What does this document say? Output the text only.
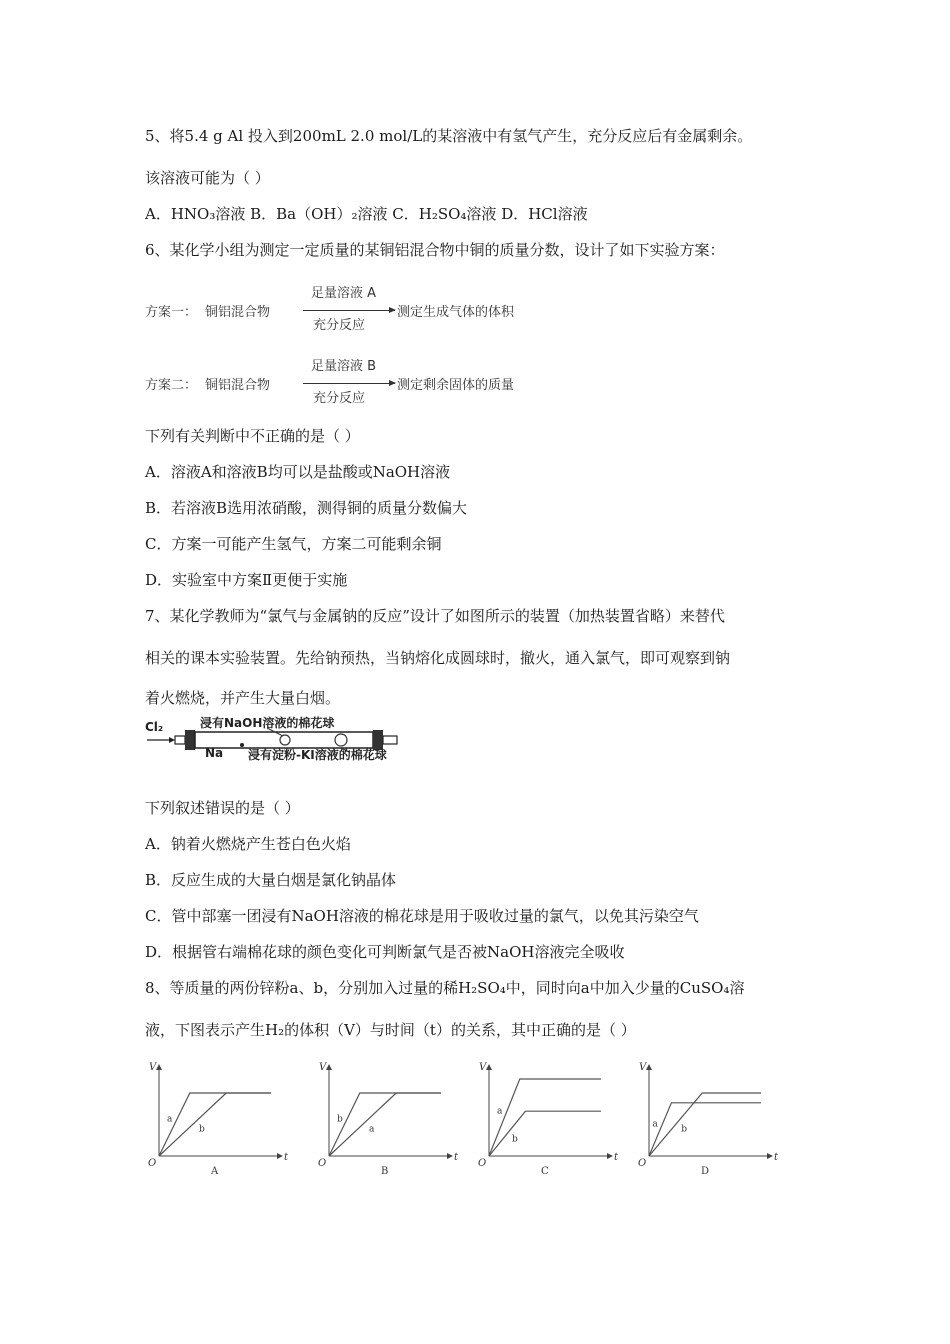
5、将5.4 g Al 投入到200mL 2.0 mol/L的某溶液中有氢气产生，充分反应后有金属剩余。
该溶液可能为（ ）
A．HNO₃溶液 B．Ba（OH）₂溶液 C．H₂SO₄溶液 D．HCl溶液
6、某化学小组为测定一定质量的某铜铝混合物中铜的质量分数，设计了如下实验方案：
方案一： 铜铝混合物
足量溶液 A
充分反应
测定生成气体的体积
方案二： 铜铝混合物
足量溶液 B
充分反应
测定剩余固体的质量
下列有关判断中不正确的是（ ）
A．溶液A和溶液B均可以是盐酸或NaOH溶液
B．若溶液B选用浓硝酸，测得铜的质量分数偏大
C．方案一可能产生氢气，方案二可能剩余铜
D．实验室中方案Ⅱ更便于实施
7、某化学教师为“氯气与金属钠的反应”设计了如图所示的装置（加热装置省略）来替代
相关的课本实验装置。先给钠预热，当钠熔化成圆球时，撤火，通入氯气，即可观察到钠
着火燃烧，并产生大量白烟。
Cl₂	浸有NaOH溶液的棉花球
Na 浸有淀粉-KI溶液的棉花球
下列叙述错误的是（ ）
A．钠着火燃烧产生苍白色火焰
B．反应生成的大量白烟是氯化钠晶体
C．管中部塞一团浸有NaOH溶液的棉花球是用于吸收过量的氯气，以免其污染空气
D．根据管右端棉花球的颜色变化可判断氯气是否被NaOH溶液完全吸收
8、等质量的两份锌粉a、b，分别加入过量的稀H₂SO₄中，同时向a中加入少量的CuSO₄溶
液，下图表示产生H₂的体积（V）与时间（t）的关系，其中正确的是（ ）
V
t
O
A
a
b
V
t
O
B
b
a
V
t
O
C
a
b
V
t
O
D
a	b
